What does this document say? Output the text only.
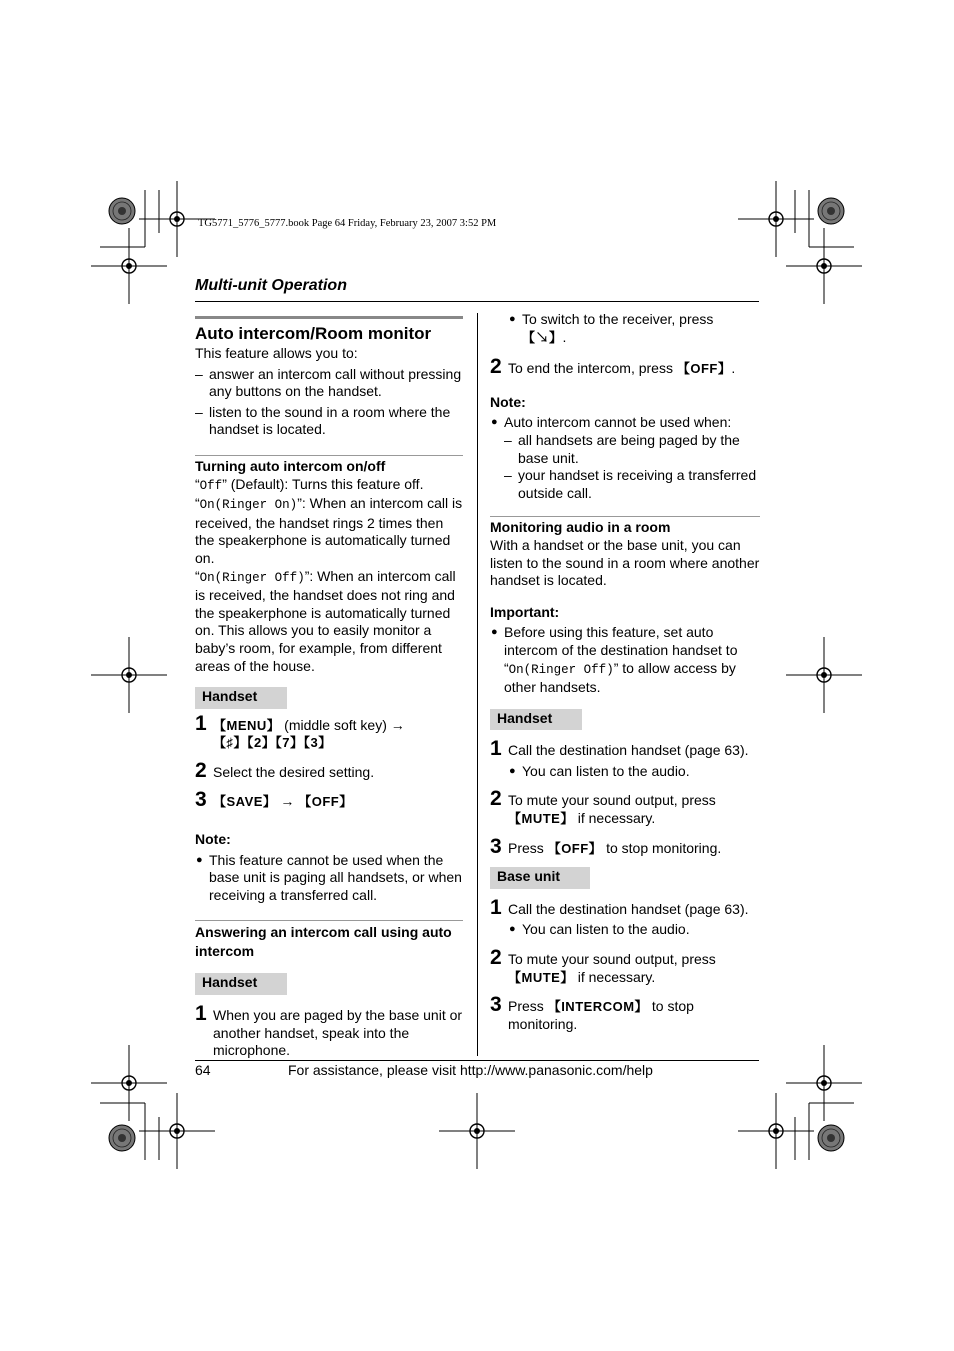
TG5771_5776_5777.book Page 64 Friday, February 23, 2007 3:52 PM
Multi-unit Operation

Auto intercom/Room monitor

This feature allows you to:

– answer an intercom call without pressing any buttons on the handset.
– listen to the sound in a room where the handset is located.

Turning auto intercom on/off

“Off” (Default): Turns this feature off.

“On(Ringer On)”: When an intercom call is received, the handset rings 2 times then the speakerphone is automatically turned on.

“On(Ringer Off)”: When an intercom call is received, the handset does not ring and the speakerphone is automatically turned on. This allows you to easily monitor a baby’s room, for example, from different areas of the house.

Handset
1 【MENU】 (middle soft key) →
【♯】【2】【7】【3】
2 Select the desired setting.
3 【SAVE】 → 【OFF】

Note:

● This feature cannot be used when the base unit is paging all handsets, or when receiving a transferred call.

Answering an intercom call using auto intercom

Handset
1 When you are paged by the base unit or another handset, speak into the microphone.
● To switch to the receiver, press 【↘】.
2 To end the intercom, press 【OFF】.

Note:

● Auto intercom cannot be used when:
– all handsets are being paged by the base unit.
– your handset is receiving a transferred outside call.

Monitoring audio in a room

With a handset or the base unit, you can listen to the sound in a room where another handset is located.

Important:

● Before using this feature, set auto intercom of the destination handset to “On(Ringer Off)” to allow access by other handsets.
Handset
1 Call the destination handset (page 63).
● You can listen to the audio.
2 To mute your sound output, press 【MUTE】 if necessary.
3 Press 【OFF】 to stop monitoring.
Base unit
1 Call the destination handset (page 63).
● You can listen to the audio.
2 To mute your sound output, press 【MUTE】 if necessary.
3 Press 【INTERCOM】 to stop monitoring.
64	For assistance, please visit http://www.panasonic.com/help
